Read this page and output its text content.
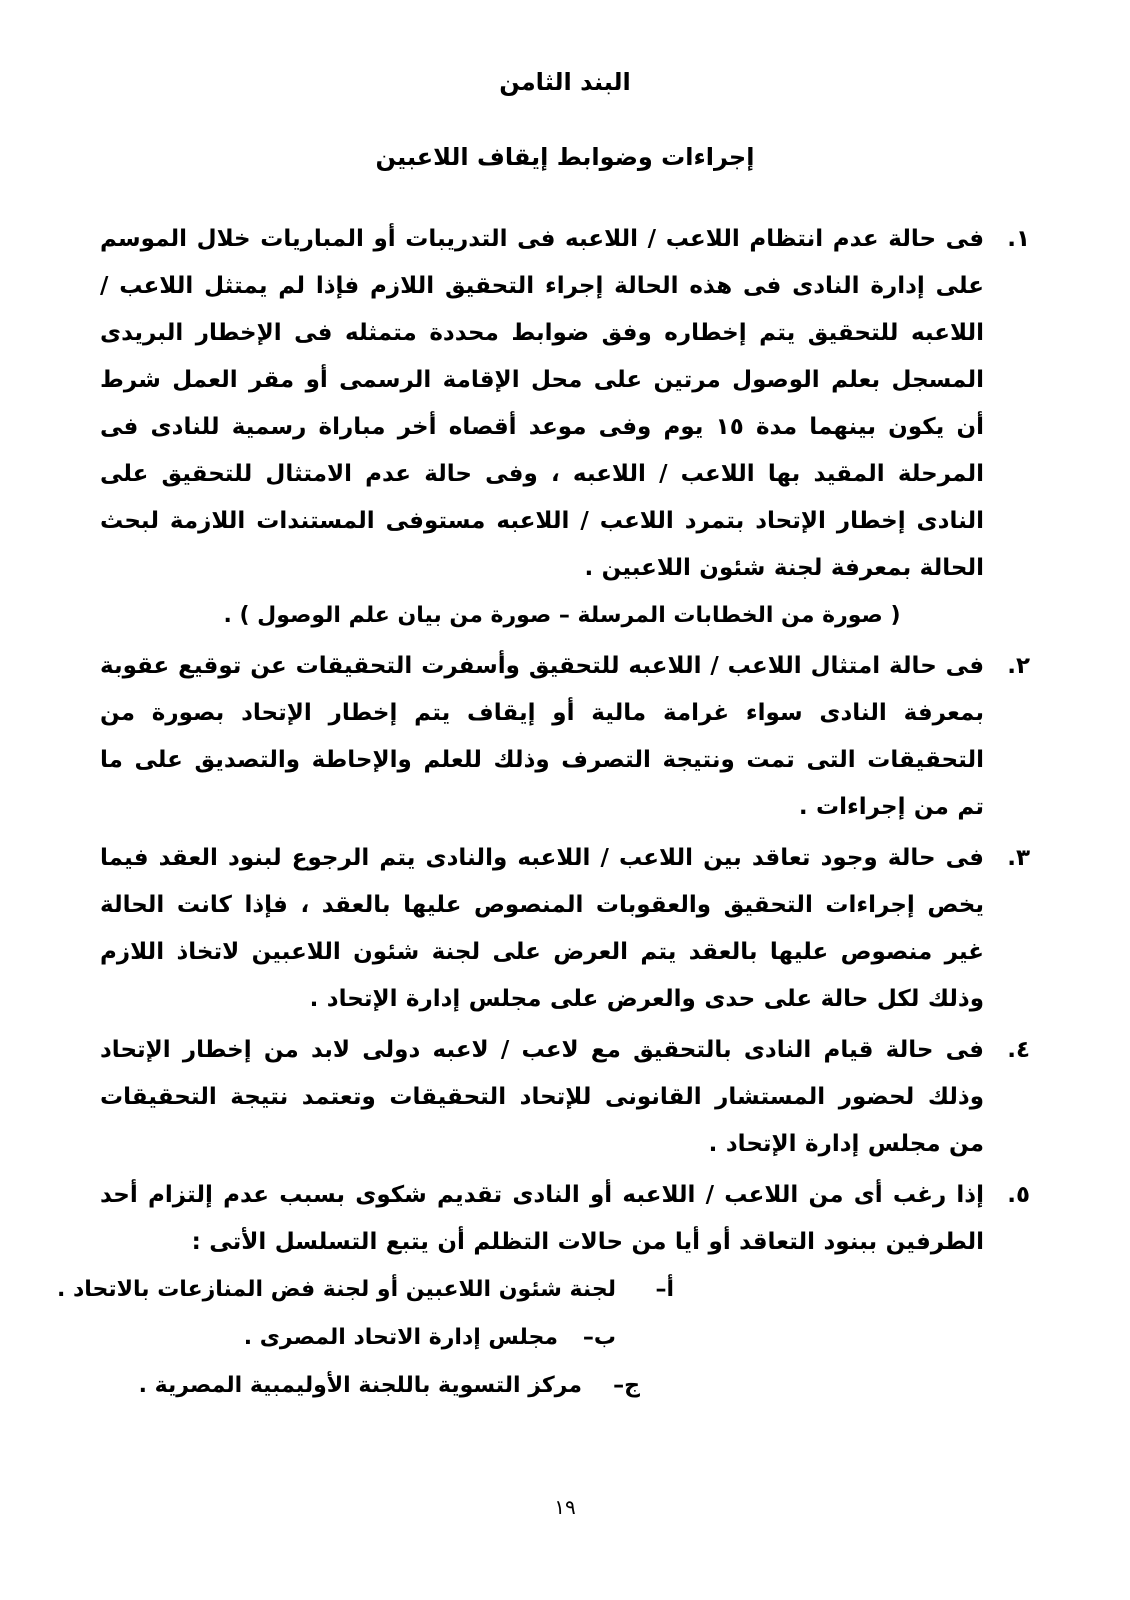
البند الثامن
إجراءات وضوابط إيقاف اللاعبين
١.

فى حالة عدم انتظام اللاعب / اللاعبه فى التدريبات أو المباريات خلال الموسم على إدارة النادى فى هذه الحالة إجراء التحقيق اللازم فإذا لم يمتثل اللاعب / اللاعبه للتحقيق يتم إخطاره وفق ضوابط محددة متمثله فى الإخطار البريدى المسجل بعلم الوصول مرتين على محل الإقامة الرسمى أو مقر العمل شرط أن يكون بينهما مدة ١٥ يوم وفى موعد أقصاه أخر مباراة رسمية للنادى فى المرحلة المقيد بها اللاعب / اللاعبه ، وفى حالة عدم الامتثال للتحقيق على النادى إخطار الإتحاد بتمرد اللاعب / اللاعبه مستوفى المستندات اللازمة لبحث الحالة بمعرفة لجنة شئون اللاعبين .

( صورة من الخطابات المرسلة – صورة من بيان علم الوصول ) .

٢.

فى حالة امتثال اللاعب / اللاعبه للتحقيق وأسفرت التحقيقات عن توقيع عقوبة بمعرفة النادى سواء غرامة مالية أو إيقاف يتم إخطار الإتحاد بصورة من التحقيقات التى تمت ونتيجة التصرف وذلك للعلم والإحاطة والتصديق على ما تم من إجراءات .

٣.

فى حالة وجود تعاقد بين اللاعب / اللاعبه والنادى يتم الرجوع لبنود العقد فيما يخص إجراءات التحقيق والعقوبات المنصوص عليها بالعقد ، فإذا كانت الحالة غير منصوص عليها بالعقد يتم العرض على لجنة شئون اللاعبين لاتخاذ اللازم وذلك لكل حالة على حدى والعرض على مجلس إدارة الإتحاد .

٤.

فى حالة قيام النادى بالتحقيق مع لاعب / لاعبه دولى لابد من إخطار الإتحاد وذلك لحضور المستشار القانونى للإتحاد التحقيقات وتعتمد نتيجة التحقيقات من مجلس إدارة الإتحاد .

٥.

إذا رغب أى من اللاعب / اللاعبه أو النادى تقديم شكوى بسبب عدم إلتزام أحد الطرفين ببنود التعاقد أو أيا من حالات التظلم أن يتبع التسلسل الأتى :

أ–
لجنة شئون اللاعبين أو لجنة فض المنازعات بالاتحاد .
ب–
مجلس إدارة الاتحاد المصرى .
ج–
مركز التسوية باللجنة الأوليمبية المصرية .
١٩
